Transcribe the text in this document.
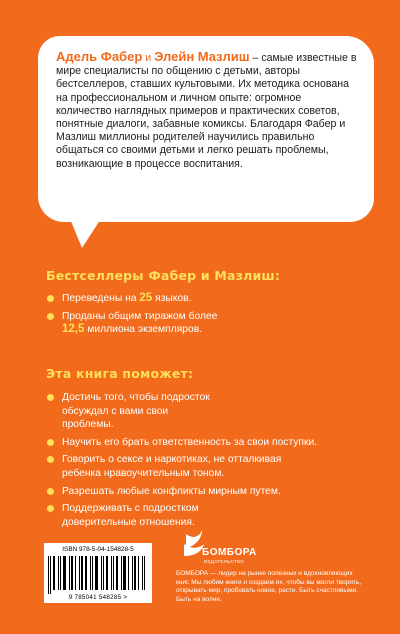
Адель Фабер и Элейн Мазлиш – самые известные в мире специалисты по общению с детьми, авторы бестселлеров, ставших культовыми. Их методика основана на профессиональном и личном опыте: огромное количество наглядных примеров и практических советов, понятные диалоги, забавные комиксы. Благодаря Фабер и Мазлиш миллионы родителей научились правильно общаться со своими детьми и легко решать проблемы, возникающие в процессе воспитания.
Бестселлеры Фабер и Мазлиш:
Переведены на 25 языков.
Проданы общим тиражом более 12,5 миллиона экземпляров.
Эта книга поможет:
Достичь того, чтобы подросток обсуждал с вами свои проблемы.
Научить его брать ответственность за свои поступки.
Говорить о сексе и наркотиках, не отталкивая ребенка нравоучительным тоном.
Разрешать любые конфликты мирным путем.
Поддерживать с подростком доверительные отношения.
ISBN 978-5-04-154828-5
9 785041 548285 >
БОМБОРА
ИЗДАТЕЛЬСТВО
БОМБОРА — лидер на рынке полезных и вдохновляющих книг. Мы любим книги и создаем их, чтобы вы могли творить, открывать мир, пробовать новое, расти. Быть счастливыми. Быть на волне.
